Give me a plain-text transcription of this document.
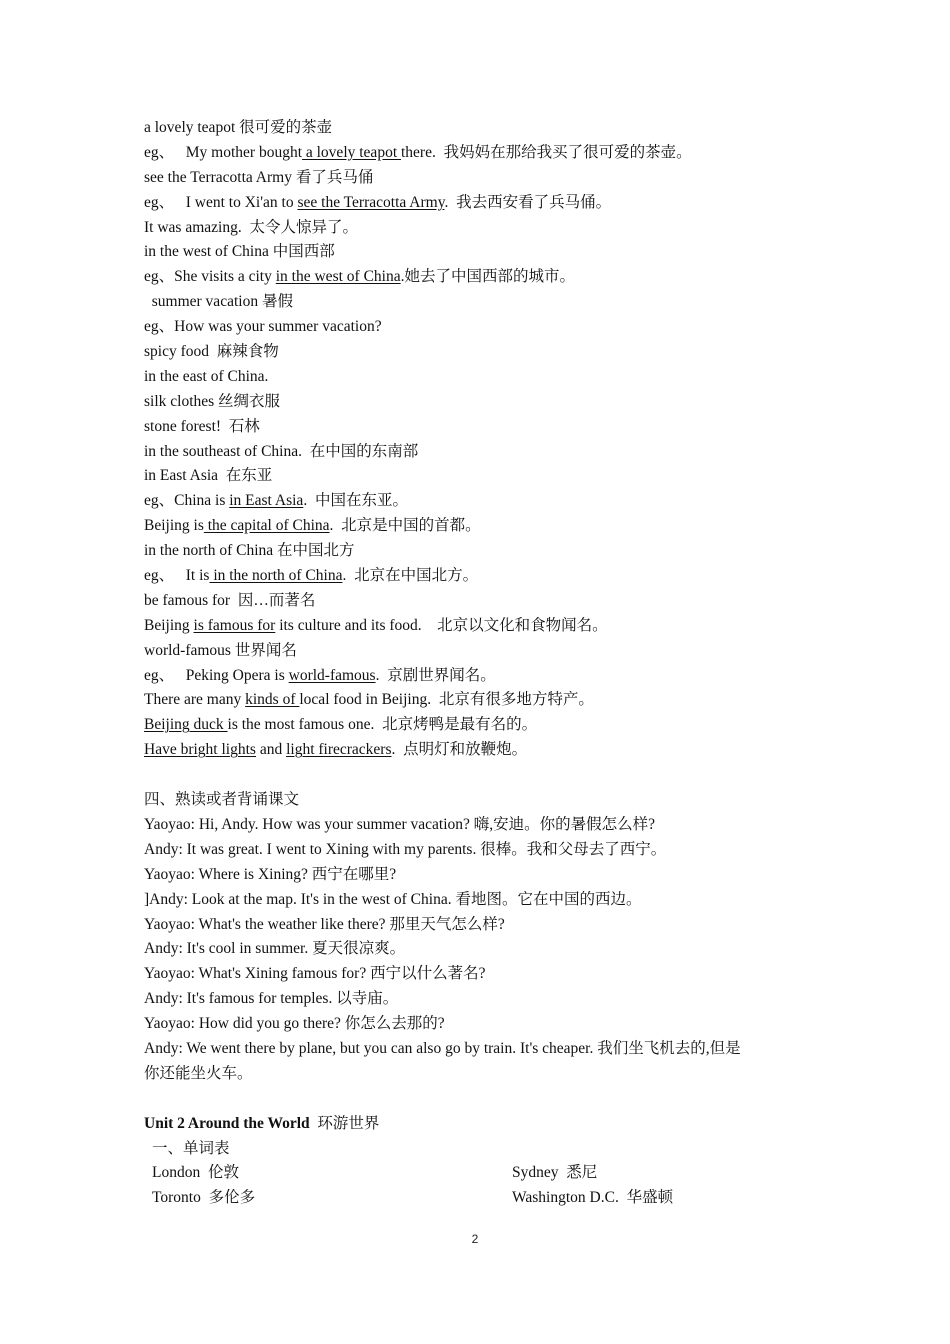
a lovely teapot 很可爱的茶壶
eg、   My mother bought a lovely teapot there.  我妈妈在那给我买了很可爱的茶壶。
see the Terracotta Army 看了兵马俑
eg、   I went to Xi'an to see the Terracotta Army.  我去西安看了兵马俑。
It was amazing.  太令人惊异了。
in the west of China 中国西部
eg、She visits a city in the west of China.她去了中国西部的城市。
summer vacation 暑假
eg、How was your summer vacation?
spicy food  麻辣食物
in the east of China.
silk clothes 丝绸衣服
stone forest!  石林
in the southeast of China.  在中国的东南部
in East Asia  在东亚
eg、China is in East Asia.  中国在东亚。
Beijing is the capital of China.  北京是中国的首都。
in the north of China 在中国北方
eg、   It is in the north of China.  北京在中国北方。
be famous for  因…而著名
Beijing is famous for its culture and its food.    北京以文化和食物闻名。
world-famous 世界闻名
eg、   Peking Opera is world-famous.  京剧世界闻名。
There are many kinds of local food in Beijing.  北京有很多地方特产。
Beijing duck is the most famous one.  北京烤鸭是最有名的。
Have bright lights and light firecrackers.  点明灯和放鞭炮。
四、熟读或者背诵课文
Yaoyao: Hi, Andy. How was your summer vacation? 嗨,安迪。你的暑假怎么样?
Andy: It was great. I went to Xining with my parents. 很棒。我和父母去了西宁。
Yaoyao: Where is Xining? 西宁在哪里?
]Andy: Look at the map. It's in the west of China. 看地图。它在中国的西边。
Yaoyao: What's the weather like there? 那里天气怎么样?
Andy: It's cool in summer. 夏天很凉爽。
Yaoyao: What's Xining famous for? 西宁以什么著名?
Andy: It's famous for temples. 以寺庙。
Yaoyao: How did you go there? 你怎么去那的?
Andy: We went there by plane, but you can also go by train. It's cheaper. 我们坐飞机去的,但是
你还能坐火车。
Unit 2 Around the World  环游世界
一、单词表
London  伦敦	Sydney  悉尼
Toronto  多伦多	Washington D.C.  华盛顿
2
